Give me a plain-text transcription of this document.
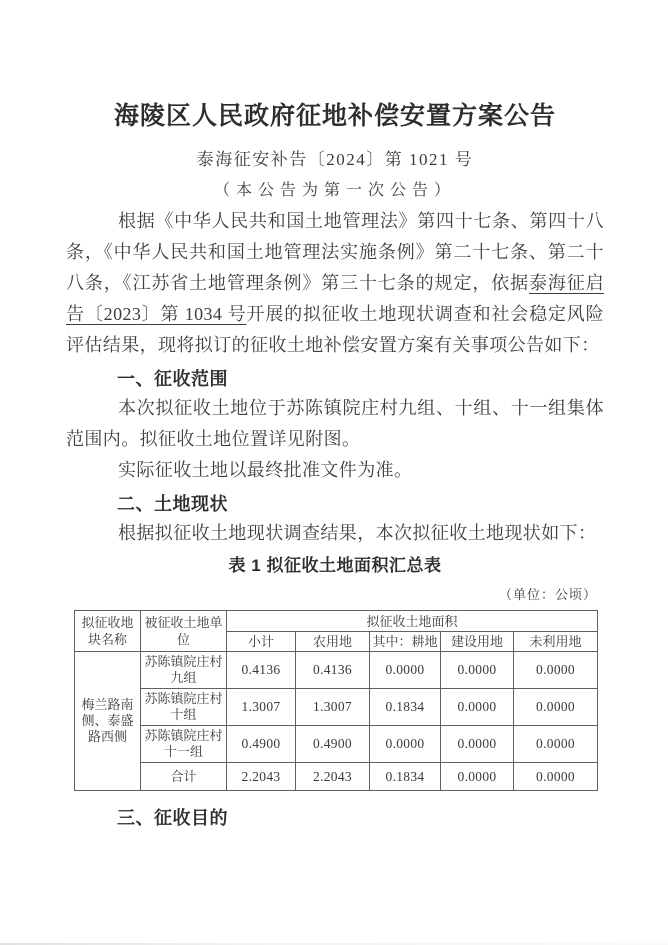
海陵区人民政府征地补偿安置方案公告
泰海征安补告〔2024〕第 1021 号
（本公告为第一次公告）

根据《中华人民共和国土地管理法》第四十七条、第四十八条，《中华人民共和国土地管理法实施条例》第二十七条、第二十八条，《江苏省土地管理条例》第三十七条的规定，依据泰海征启告〔2023〕第 1034 号开展的拟征收土地现状调查和社会稳定风险评估结果，现将拟订的征收土地补偿安置方案有关事项公告如下：

一、征收范围

本次拟征收土地位于苏陈镇院庄村九组、十组、十一组集体范围内。拟征收土地位置详见附图。

实际征收土地以最终批准文件为准。

二、土地现状

根据拟征收土地现状调查结果，本次拟征收土地现状如下：

表 1 拟征收土地面积汇总表
（单位：公顷）
拟征收地块名称	被征收土地单位	拟征收土地面积				
		小计	农用地	其中：耕地	建设用地	未利用地
梅兰路南侧、泰盛路西侧	苏陈镇院庄村九组	0.4136	0.4136	0.0000	0.0000	0.0000
	苏陈镇院庄村十组	1.3007	1.3007	0.1834	0.0000	0.0000
	苏陈镇院庄村十一组	0.4900	0.4900	0.0000	0.0000	0.0000
	合计	2.2043	2.2043	0.1834	0.0000	0.0000
三、征收目的
